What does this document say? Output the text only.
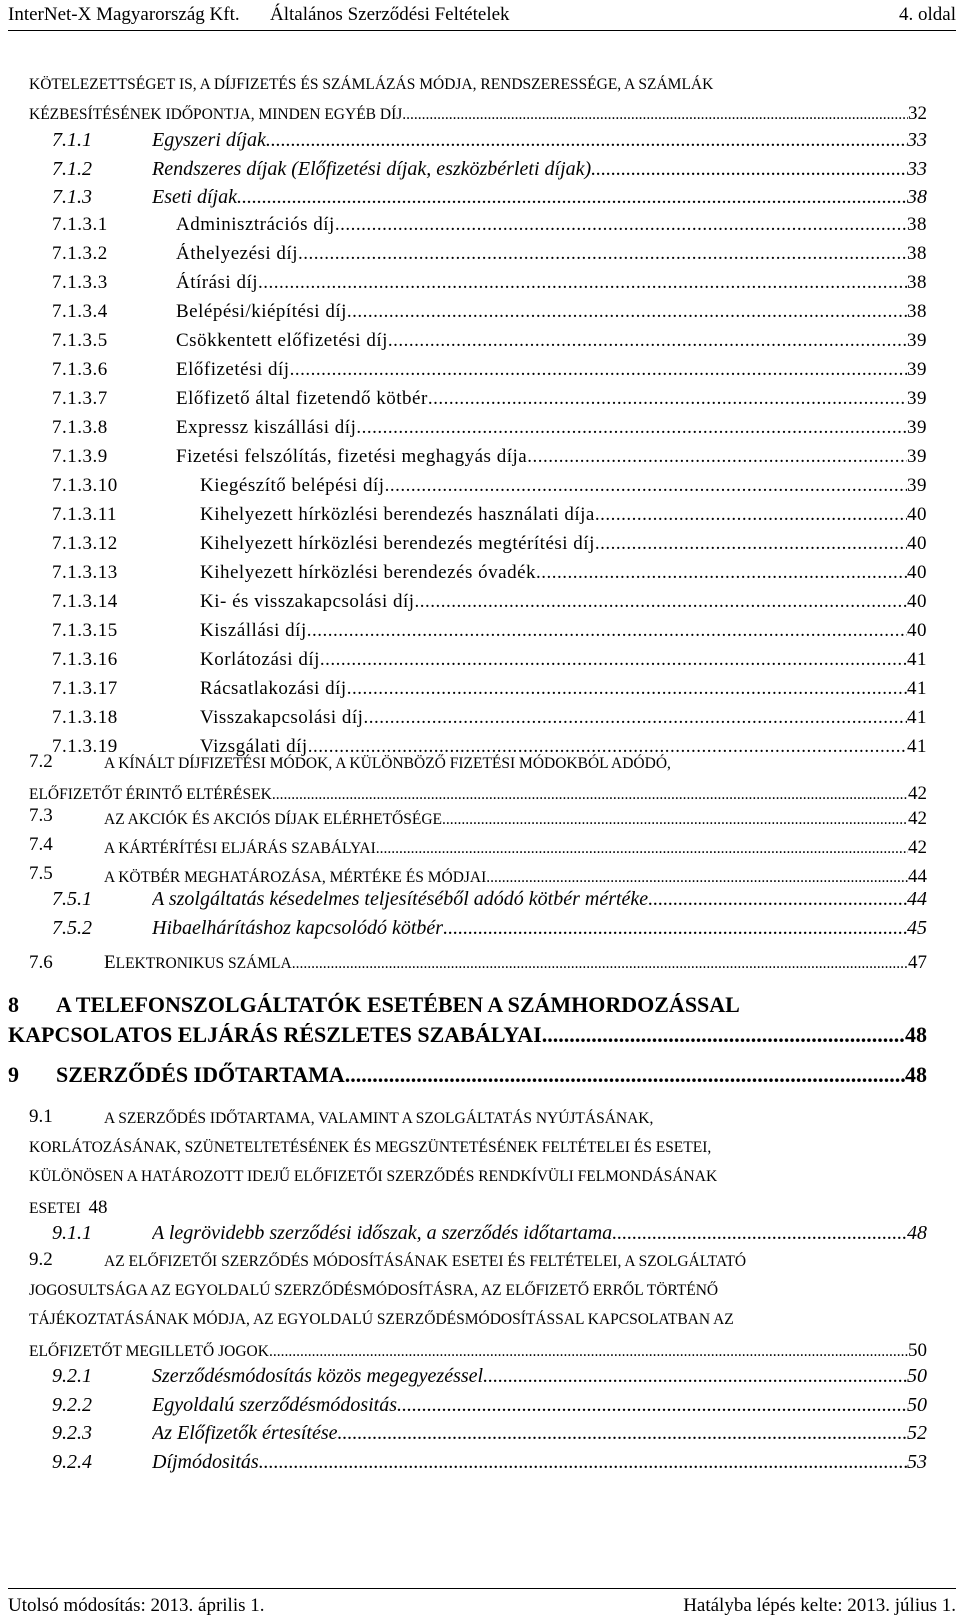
InterNet-X Magyarország Kft. Általános Szerződési Feltételek	4. oldal
KÖTELEZETTSÉGET IS, A DÍJFIZETÉS ÉS SZÁMLÁZÁS MÓDJA, RENDSZERESSÉGE, A SZÁMLÁK
KÉZBESÍTÉSÉNEK IDŐPONTJA, MINDEN EGYÉB DÍJ .....	32
7.1.1	Egyszeri díjak .....	33
7.1.2	Rendszeres díjak (Előfizetési díjak, eszközbérleti díjak) .....	33
7.1.3	Eseti díjak .....	38
7.1.3.1	Adminisztrációs díj .....	38
7.1.3.2	Áthelyezési díj .....	38
7.1.3.3	Átírási díj .....	38
7.1.3.4	Belépési/kiépítési díj .....	38
7.1.3.5	Csökkentett előfizetési díj .....	39
7.1.3.6	Előfizetési díj .....	39
7.1.3.7	Előfizető által fizetendő kötbér .....	39
7.1.3.8	Expressz kiszállási díj .....	39
7.1.3.9	Fizetési felszólítás, fizetési meghagyás díja .....	39
7.1.3.10	Kiegészítő belépési díj .....	39
7.1.3.11	Kihelyezett hírközlési berendezés használati díja .....	40
7.1.3.12	Kihelyezett hírközlési berendezés megtérítési díj .....	40
7.1.3.13	Kihelyezett hírközlési berendezés óvadék .....	40
7.1.3.14	Ki- és visszakapcsolási díj .....	40
7.1.3.15	Kiszállási díj .....	40
7.1.3.16	Korlátozási díj .....	41
7.1.3.17	Rácsatlakozási díj .....	41
7.1.3.18	Visszakapcsolási díj .....	41
7.1.3.19	Vizsgálati díj .....	41
7.2	A KÍNÁLT DÍJFIZETÉSI MÓDOK, A KÜLÖNBÖZŐ FIZETÉSI MÓDOKBÓL ADÓDÓ,
ELŐFIZETŐT ÉRINTŐ ELTÉRÉSEK .....	42
7.3	AZ AKCIÓK ÉS AKCIÓS DÍJAK ELÉRHETŐSÉGE .....	42
7.4	A KÁRTÉRÍTÉSI ELJÁRÁS SZABÁLYAI .....	42
7.5	A KÖTBÉR MEGHATÁROZÁSA, MÉRTÉKE ÉS MÓDJAI .....	44
7.5.1	A szolgáltatás késedelmes teljesítéséből adódó kötbér mértéke .....	44
7.5.2	Hibaelhárításhoz kapcsolódó kötbér .....	45
7.6	ELEKTRONIKUS SZÁMLA .....	47
8 A TELEFONSZOLGÁLTATÓK ESETÉBEN A SZÁMHORDOZÁSSAL
KAPCSOLATOS ELJÁRÁS RÉSZLETES SZABÁLYAI .....	48
9 SZERZŐDÉS IDŐTARTAMA .....	48
9.1	A SZERZŐDÉS IDŐTARTAMA, VALAMINT A SZOLGÁLTATÁS NYÚJTÁSÁNAK,
KORLÁTOZÁSÁNAK, SZÜNETELTETÉSÉNEK ÉS MEGSZÜNTETÉSÉNEK FELTÉTELEI ÉS ESETEI,
KÜLÖNÖSEN A HATÁROZOTT IDEJŰ ELŐFIZETŐI SZERZŐDÉS RENDKÍVÜLI FELMONDÁSÁNAK
ESETEI 48
9.1.1	A legrövidebb szerződési időszak, a szerződés időtartama .....	48
9.2	AZ ELŐFIZETŐI SZERZŐDÉS MÓDOSÍTÁSÁNAK ESETEI ÉS FELTÉTELEI, A SZOLGÁLTATÓ
JOGOSULTSÁGA AZ EGYOLDALÚ SZERZŐDÉSMÓDOSÍTÁSRA, AZ ELŐFIZETŐ ERRŐL TÖRTÉNŐ
TÁJÉKOZTATÁSÁNAK MÓDJA, AZ EGYOLDALÚ SZERZŐDÉSMÓDOSÍTÁSSAL KAPCSOLATBAN AZ
ELŐFIZETŐT MEGILLETŐ JOGOK .....	50
9.2.1	Szerződésmódosítás közös megegyezéssel .....	50
9.2.2	Egyoldalú szerződésmódositás .....	50
9.2.3	Az Előfizetők értesítése .....	52
9.2.4	Díjmódositás .....	53
Utolsó módosítás: 2013. április 1.	Hatályba lépés kelte: 2013. július 1.
